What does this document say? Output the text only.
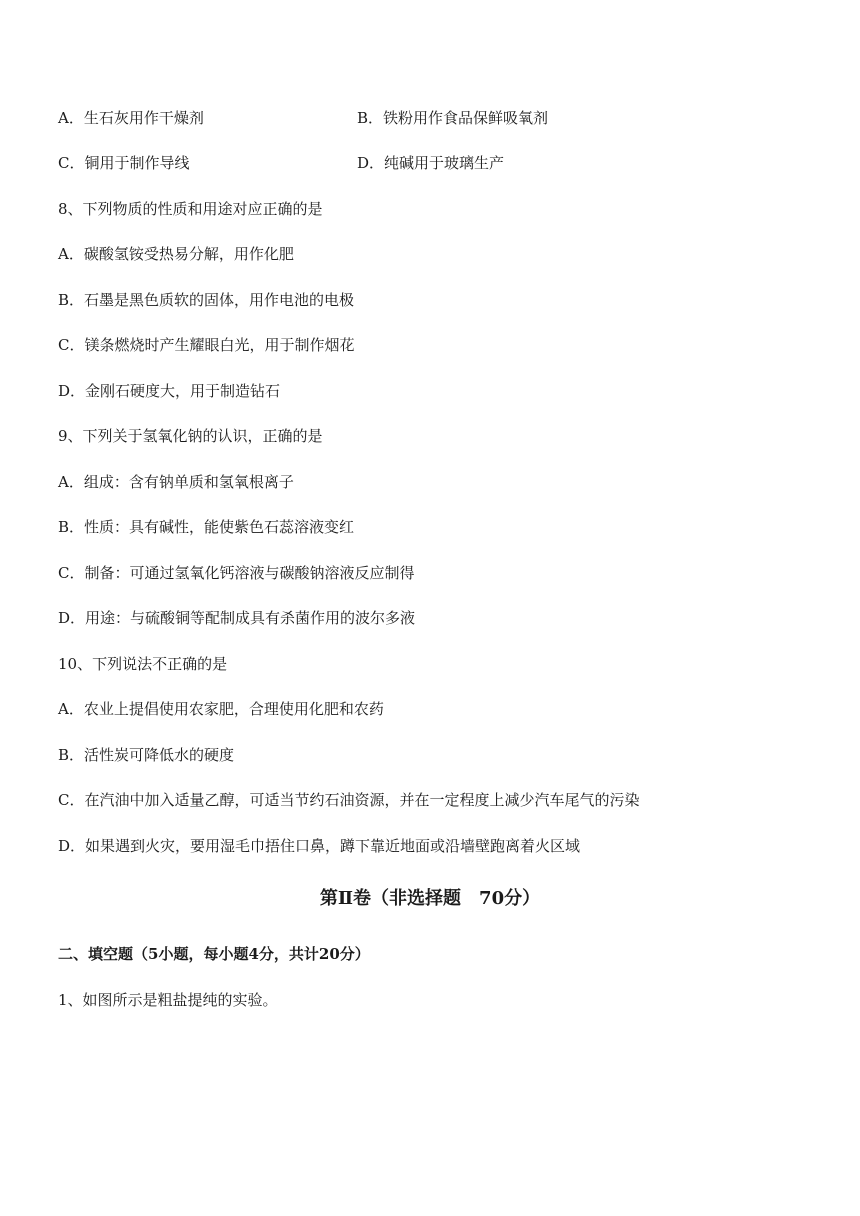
A．生石灰用作干燥剂	B．铁粉用作食品保鲜吸氧剂
C．铜用于制作导线	D．纯碱用于玻璃生产
8、下列物质的性质和用途对应正确的是
A．碳酸氢铵受热易分解，用作化肥
B．石墨是黑色质软的固体，用作电池的电极
C．镁条燃烧时产生耀眼白光，用于制作烟花
D．金刚石硬度大，用于制造钻石
9、下列关于氢氧化钠的认识，正确的是
A．组成：含有钠单质和氢氧根离子
B．性质：具有碱性，能使紫色石蕊溶液变红
C．制备：可通过氢氧化钙溶液与碳酸钠溶液反应制得
D．用途：与硫酸铜等配制成具有杀菌作用的波尔多液
10、下列说法不正确的是
A．农业上提倡使用农家肥，合理使用化肥和农药
B．活性炭可降低水的硬度
C．在汽油中加入适量乙醇，可适当节约石油资源，并在一定程度上减少汽车尾气的污染
D．如果遇到火灾，要用湿毛巾捂住口鼻，蹲下靠近地面或沿墙壁跑离着火区域
第Ⅱ卷（非选择题　70分）
二、填空题（5小题，每小题4分，共计20分）
1、如图所示是粗盐提纯的实验。
